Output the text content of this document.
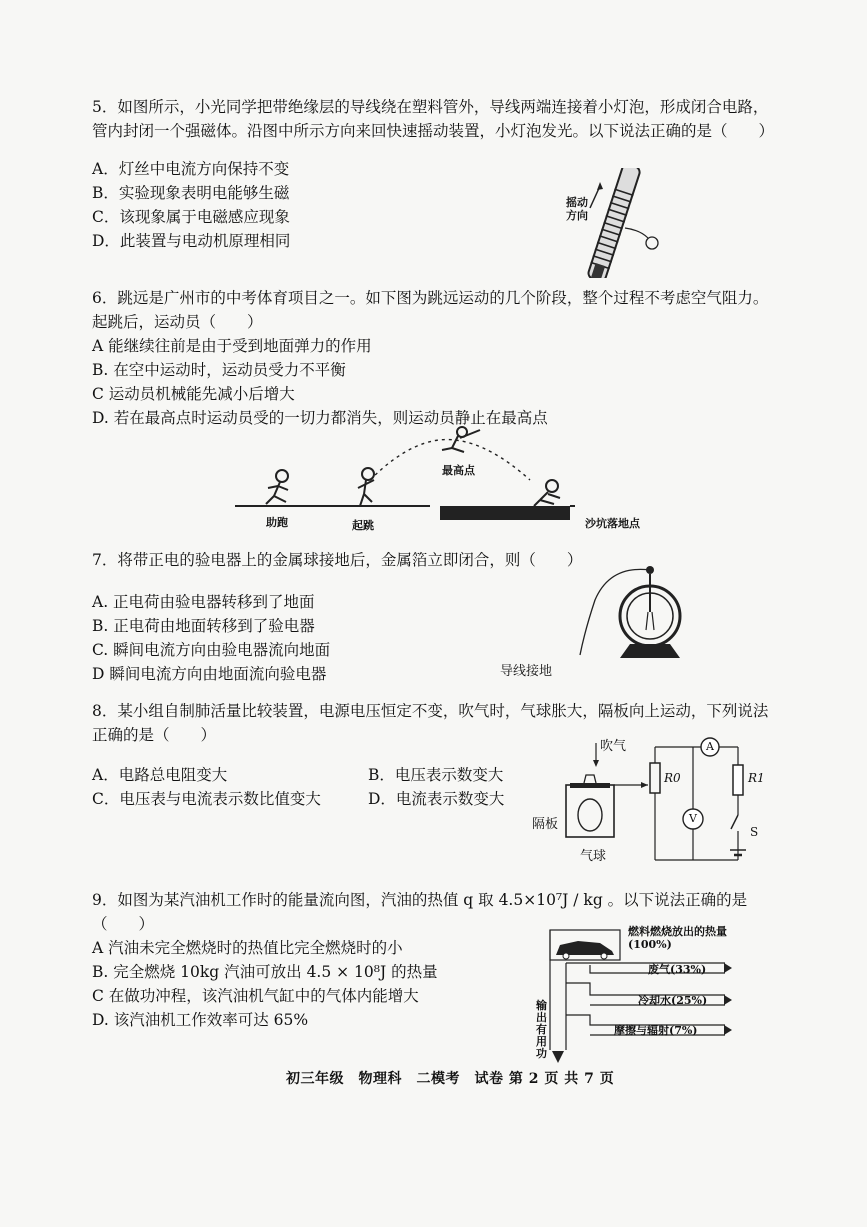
5．如图所示，小光同学把带绝缘层的导线绕在塑料管外，导线两端连接着小灯泡，形成闭合电路，管内封闭一个强磁体。沿图中所示方向来回快速摇动装置，小灯泡发光。以下说法正确的是（　　）

A．灯丝中电流方向保持不变

B．实验现象表明电能够生磁

C．该现象属于电磁感应现象

D．此装置与电动机原理相同

摇动方向

6．跳远是广州市的中考体育项目之一。如下图为跳远运动的几个阶段，整个过程不考虑空气阻力。起跳后，运动员（　　）

A 能继续往前是由于受到地面弹力的作用

B. 在空中运动时，运动员受力不平衡

C 运动员机械能先减小后增大

D. 若在最高点时运动员受的一切力都消失，则运动员静止在最高点

助跑	起跳
最高点
沙坑落地点

7．将带正电的验电器上的金属球接地后，金属箔立即闭合，则（　　）

A. 正电荷由验电器转移到了地面

B. 正电荷由地面转移到了验电器

C. 瞬间电流方向由验电器流向地面

D 瞬间电流方向由地面流向验电器	导线接地

8．某小组自制肺活量比较装置，电源电压恒定不变，吹气时，气球胀大，隔板向上运动，下列说法正确的是（　　）

A．电路总电阻变大	B．电压表示数变大

C．电压表与电流表示数比值变大	D．电流表示数变大

吹气
隔板
气球
R0	R1
S
A
V

9．如图为某汽油机工作时的能量流向图，汽油的热值 q 取 4.5×10⁷J / kg 。以下说法正确的是（　　）

A 汽油未完全燃烧时的热值比完全燃烧时的小

B. 完全燃烧 10kg 汽油可放出 4.5 × 10⁸J 的热量

C 在做功冲程，该汽油机气缸中的气体内能增大

D. 该汽油机工作效率可达 65%

燃料燃烧放出的热量(100%)
废气(33%)
冷却水(25%)
摩擦与辐射(7%)
输出有用功
初三年级　物理科　二模考　试卷 第 2 页 共 7 页
